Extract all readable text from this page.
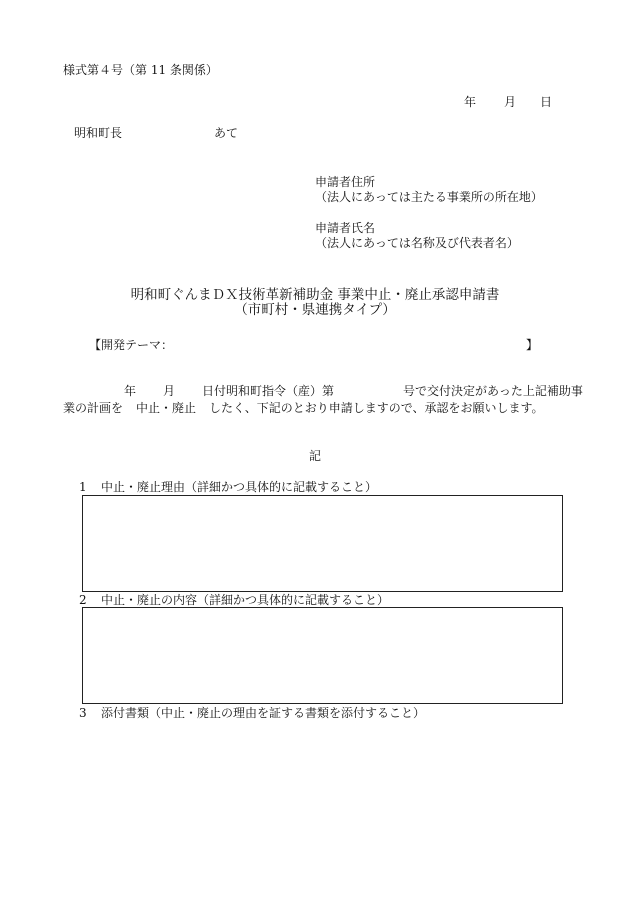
様式第４号（第 11 条関係）
年 月 日
明和町長	あて
申請者住所
（法人にあっては主たる事業所の所在地）
申請者氏名
（法人にあっては名称及び代表者名）
明和町ぐんまＤＸ技術革新補助金 事業中止・廃止承認申請書
（市町村・県連携タイプ）
【開発テーマ：	】
年 月 日付明和町指令（産）第	号で交付決定があった上記補助事
業の計画を 中止・廃止 したく、下記のとおり申請しますので、承認をお願いします。
記
1 中止・廃止理由（詳細かつ具体的に記載すること）
2 中止・廃止の内容（詳細かつ具体的に記載すること）
3 添付書類（中止・廃止の理由を証する書類を添付すること）
